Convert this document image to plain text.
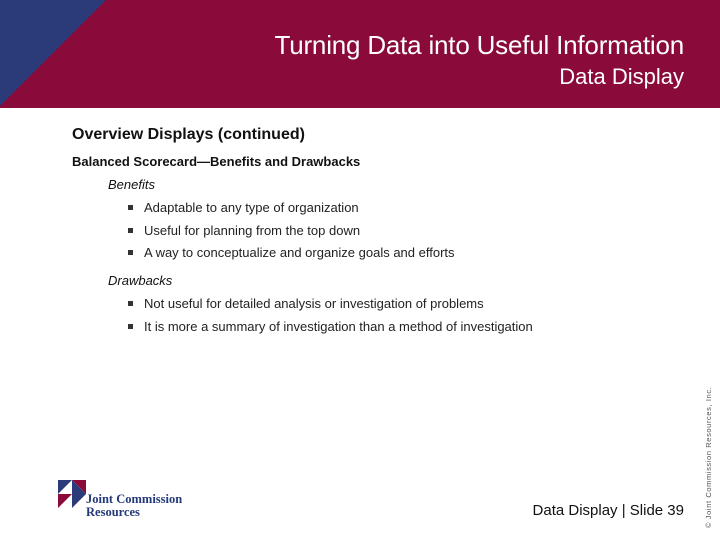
Turning Data into Useful Information
Data Display
Overview Displays (continued)
Balanced Scorecard—Benefits and Drawbacks
Benefits
Adaptable to any type of organization
Useful for planning from the top down
A way to conceptualize and organize goals and efforts
Drawbacks
Not useful for detailed analysis or investigation of problems
It is more a summary of investigation than a method of investigation
© Joint Commission Resources, Inc.
Joint Commission
Resources	Data Display | Slide 39
